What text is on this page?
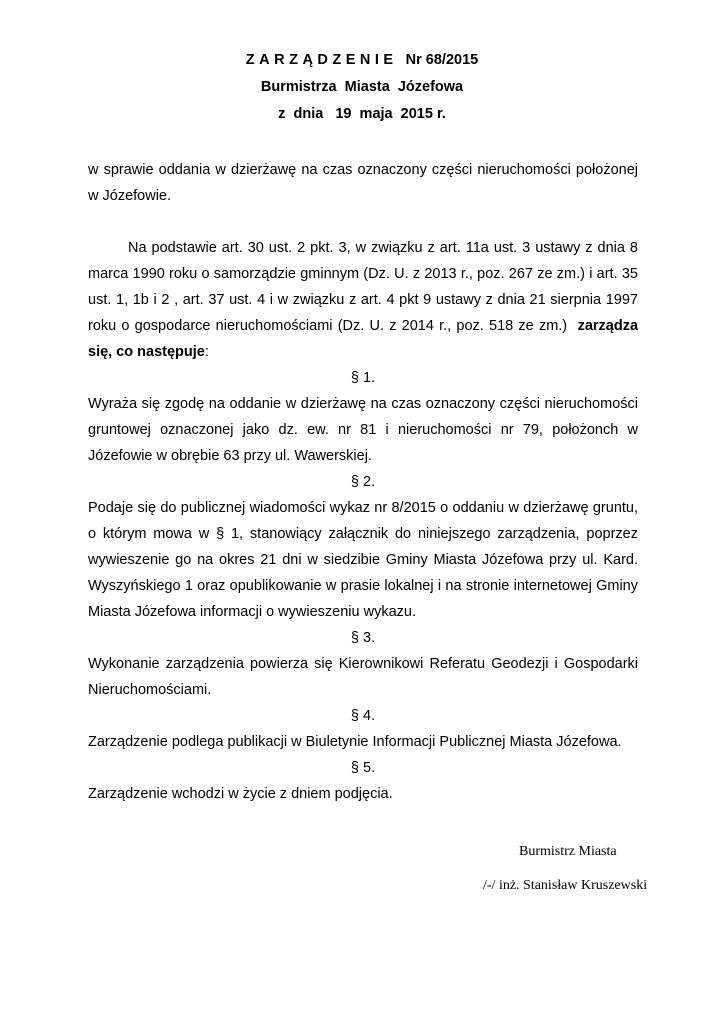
ZARZĄDZENIE Nr 68/2015
Burmistrza  Miasta  Józefowa
z  dnia   19  maja  2015 r.

w sprawie oddania w dzierżawę na czas oznaczony części nieruchomości położonej w Józefowie.

Na podstawie art. 30 ust. 2 pkt. 3, w związku z art. 11a ust. 3 ustawy z dnia 8 marca 1990 roku o samorządzie gminnym (Dz. U. z 2013 r., poz. 267 ze zm.) i art. 35 ust. 1, 1b i 2 , art. 37 ust. 4 i w związku z art. 4 pkt 9 ustawy z dnia 21 sierpnia 1997 roku o gospodarce nieruchomościami (Dz. U. z 2014 r., poz. 518 ze zm.) zarządza się, co następuje:

§ 1.

Wyraża się zgodę na oddanie w dzierżawę na czas oznaczony części nieruchomości gruntowej oznaczonej jako dz. ew. nr 81 i nieruchomości nr 79, położonch w Józefowie w obrębie 63 przy ul. Wawerskiej.

§ 2.

Podaje się do publicznej wiadomości wykaz nr 8/2015 o oddaniu w dzierżawę gruntu, o którym mowa w § 1, stanowiący załącznik do niniejszego zarządzenia, poprzez wywieszenie go na okres 21 dni w siedzibie Gminy Miasta Józefowa przy ul. Kard. Wyszyńskiego 1 oraz opublikowanie w prasie lokalnej i na stronie internetowej Gminy Miasta Józefowa informacji o wywieszeniu wykazu.

§ 3.

Wykonanie zarządzenia powierza się Kierownikowi Referatu Geodezji i Gospodarki Nieruchomościami.

§ 4.

Zarządzenie podlega publikacji w Biuletynie Informacji Publicznej Miasta Józefowa.

§ 5.

Zarządzenie wchodzi w życie z dniem podjęcia.

Burmistrz Miasta
/-/ inż. Stanisław Kruszewski
